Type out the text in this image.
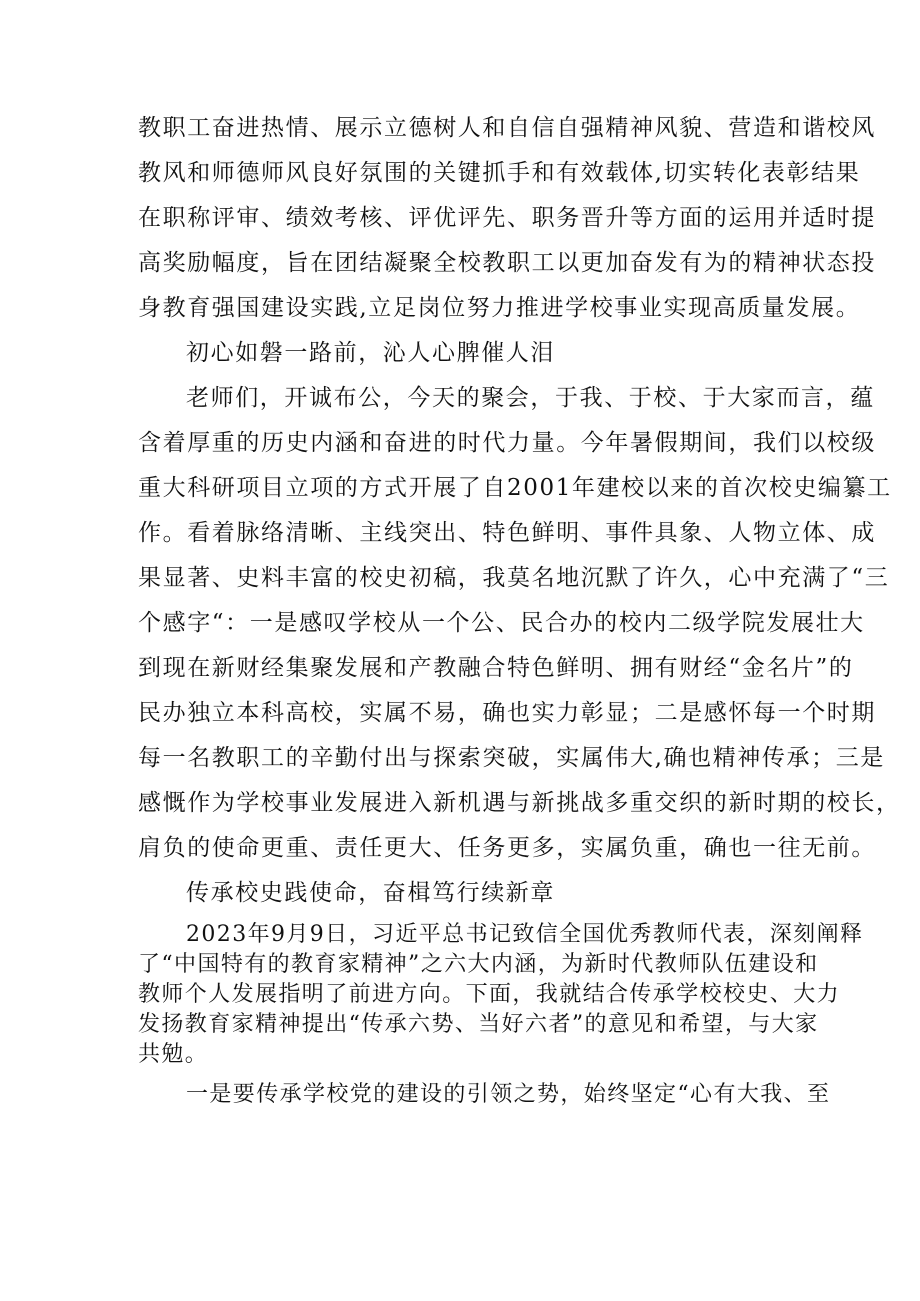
教职工奋进热情、展示立德树人和自信自强精神风貌、营造和谐校风
教风和师德师风良好氛围的关键抓手和有效载体,切实转化表彰结果
在职称评审、绩效考核、评优评先、职务晋升等方面的运用并适时提
高奖励幅度，旨在团结凝聚全校教职工以更加奋发有为的精神状态投
身教育强国建设实践,立足岗位努力推进学校事业实现高质量发展。
初心如磐一路前，沁人心脾催人泪
老师们，开诚布公，今天的聚会，于我、于校、于大家而言，蕴
含着厚重的历史内涵和奋进的时代力量。今年暑假期间，我们以校级
重大科研项目立项的方式开展了自2001年建校以来的首次校史编纂工
作。看着脉络清晰、主线突出、特色鲜明、事件具象、人物立体、成
果显著、史料丰富的校史初稿，我莫名地沉默了许久，心中充满了“三
个感字“：一是感叹学校从一个公、民合办的校内二级学院发展壮大
到现在新财经集聚发展和产教融合特色鲜明、拥有财经“金名片”的
民办独立本科高校，实属不易，确也实力彰显；二是感怀每一个时期
每一名教职工的辛勤付出与探索突破，实属伟大,确也精神传承；三是
感慨作为学校事业发展进入新机遇与新挑战多重交织的新时期的校长，
肩负的使命更重、责任更大、任务更多，实属负重，确也一往无前。
传承校史践使命，奋楫笃行续新章
2023年9月9日，习近平总书记致信全国优秀教师代表，深刻阐释
了“中国特有的教育家精神”之六大内涵，为新时代教师队伍建设和
教师个人发展指明了前进方向。下面，我就结合传承学校校史、大力
发扬教育家精神提出“传承六势、当好六者”的意见和希望，与大家
共勉。
一是要传承学校党的建设的引领之势，始终坚定“心有大我、至
